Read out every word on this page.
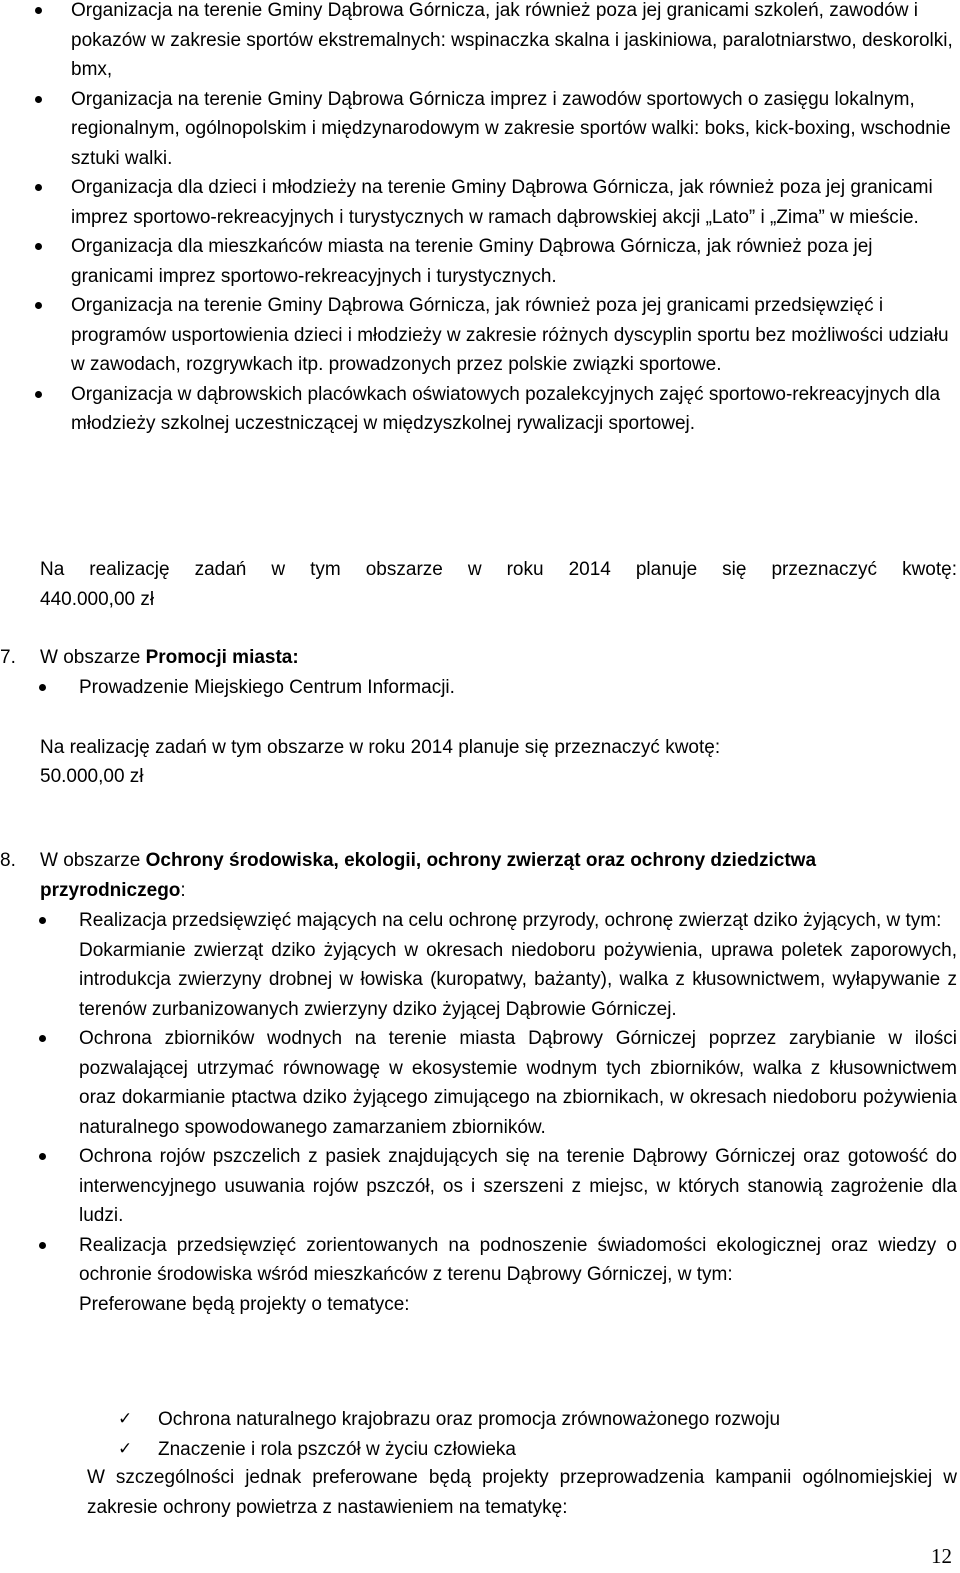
Organizacja na terenie Gminy Dąbrowa Górnicza, jak również poza jej granicami szkoleń, zawodów i pokazów w zakresie sportów ekstremalnych: wspinaczka skalna i jaskiniowa, paralotniarstwo, deskorolki, bmx,
Organizacja na terenie Gminy Dąbrowa Górnicza imprez i zawodów sportowych o zasięgu lokalnym, regionalnym, ogólnopolskim i międzynarodowym w zakresie sportów walki: boks, kick-boxing, wschodnie sztuki walki.
Organizacja dla dzieci i młodzieży na terenie Gminy Dąbrowa Górnicza, jak również poza jej granicami imprez sportowo-rekreacyjnych i turystycznych w ramach dąbrowskiej akcji „Lato” i „Zima” w mieście.
Organizacja dla mieszkańców miasta na terenie Gminy Dąbrowa Górnicza, jak również poza jej granicami imprez sportowo-rekreacyjnych i turystycznych.
Organizacja na terenie Gminy Dąbrowa Górnicza, jak również poza jej granicami przedsięwzięć i programów usportowienia dzieci i młodzieży w zakresie różnych dyscyplin sportu bez możliwości udziału w zawodach, rozgrywkach itp. prowadzonych przez polskie związki sportowe.
Organizacja w dąbrowskich placówkach oświatowych pozalekcyjnych zajęć sportowo-rekreacyjnych dla młodzieży szkolnej uczestniczącej w międzyszkolnej rywalizacji sportowej.
Na realizację zadań w tym obszarze w roku 2014 planuje się przeznaczyć kwotę:
440.000,00 zł
7. W obszarze Promocji miasta:
Prowadzenie Miejskiego Centrum Informacji.
Na realizację zadań w tym obszarze w roku 2014 planuje się przeznaczyć kwotę:
50.000,00 zł
8. W obszarze Ochrony środowiska, ekologii, ochrony zwierząt oraz ochrony dziedzictwa
przyrodniczego:
Realizacja przedsięwzięć mających na celu ochronę przyrody, ochronę zwierząt dziko żyjących, w tym:
Dokarmianie zwierząt dziko żyjących w okresach niedoboru pożywienia, uprawa poletek zaporowych, introdukcja zwierzyny drobnej w łowiska (kuropatwy, bażanty), walka z kłusownictwem, wyłapywanie z terenów zurbanizowanych zwierzyny dziko żyjącej Dąbrowie Górniczej.
Ochrona zbiorników wodnych na terenie miasta Dąbrowy Górniczej poprzez zarybianie w ilości pozwalającej utrzymać równowagę w ekosystemie wodnym tych zbiorników, walka z kłusownictwem oraz dokarmianie ptactwa dziko żyjącego zimującego na zbiornikach, w okresach niedoboru pożywienia naturalnego spowodowanego zamarzaniem zbiorników.
Ochrona rojów pszczelich z pasiek znajdujących się na terenie Dąbrowy Górniczej oraz gotowość do interwencyjnego usuwania rojów pszczół, os i szerszeni z miejsc, w których stanowią zagrożenie dla ludzi.
Realizacja przedsięwzięć zorientowanych na podnoszenie świadomości ekologicznej oraz wiedzy o ochronie środowiska wśród mieszkańców z terenu Dąbrowy Górniczej, w tym:
Preferowane będą projekty o tematyce:
✓ Ochrona naturalnego krajobrazu oraz promocja zrównoważonego rozwoju
✓ Znaczenie i rola pszczół w życiu człowieka
W szczególności jednak preferowane będą projekty przeprowadzenia kampanii ogólnomiejskiej w zakresie ochrony powietrza z nastawieniem na tematykę:
12
